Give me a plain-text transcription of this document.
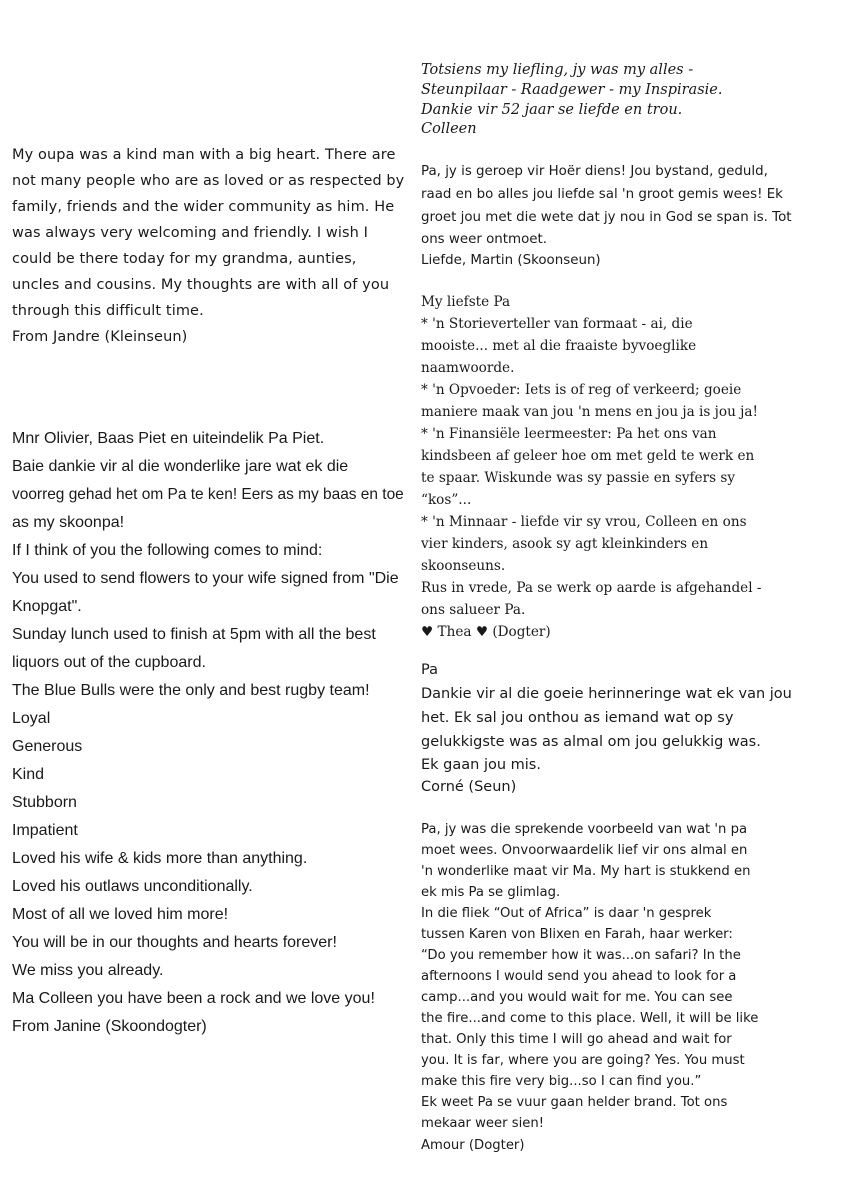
My oupa was a kind man with a big heart. There are
not many people who are as loved or as respected by
family, friends and the wider community as him. He
was always very welcoming and friendly. I wish I
could be there today for my grandma, aunties,
uncles and cousins. My thoughts are with all of you
through this difficult time.
From Jandre (Kleinseun)
Mnr Olivier, Baas Piet en uiteindelik Pa Piet.
Baie dankie vir al die wonderlike jare wat ek die
voorreg gehad het om Pa te ken! Eers as my baas en toe
as my skoonpa!
If I think of you the following comes to mind:
You used to send flowers to your wife signed from "Die
Knopgat".
Sunday lunch used to finish at 5pm with all the best
liquors out of the cupboard.
The Blue Bulls were the only and best rugby team!
Loyal
Generous
Kind
Stubborn
Impatient
Loved his wife & kids more than anything.
Loved his outlaws unconditionally.
Most of all we loved him more!
You will be in our thoughts and hearts forever!
We miss you already.
Ma Colleen you have been a rock and we love you!
From Janine (Skoondogter)
Totsiens my liefling, jy was my alles -
Steunpilaar - Raadgewer - my Inspirasie.
Dankie vir 52 jaar se liefde en trou.
Colleen
Pa, jy is geroep vir Hoër diens! Jou bystand, geduld,
raad en bo alles jou liefde sal 'n groot gemis wees! Ek
groet jou met die wete dat jy nou in God se span is. Tot
ons weer ontmoet.
Liefde, Martin (Skoonseun)
My liefste Pa
* 'n Storieverteller van formaat - ai, die
mooiste... met al die fraaiste byvoeglike
naamwoorde.
* 'n Opvoeder: Iets is of reg of verkeerd; goeie
maniere maak van jou 'n mens en jou ja is jou ja!
* 'n Finansiële leermeester: Pa het ons van
kindsbeen af geleer hoe om met geld te werk en
te spaar. Wiskunde was sy passie en syfers sy
“kos”...
* 'n Minnaar - liefde vir sy vrou, Colleen en ons
vier kinders, asook sy agt kleinkinders en
skoonseuns.
Rus in vrede, Pa se werk op aarde is afgehandel -
ons salueer Pa.
♥ Thea ♥ (Dogter)
Pa
Dankie vir al die goeie herinneringe wat ek van jou
het. Ek sal jou onthou as iemand wat op sy
gelukkigste was as almal om jou gelukkig was.
Ek gaan jou mis.
Corné (Seun)
Pa, jy was die sprekende voorbeeld van wat 'n pa
moet wees. Onvoorwaardelik lief vir ons almal en
'n wonderlike maat vir Ma. My hart is stukkend en
ek mis Pa se glimlag.
In die fliek “Out of Africa” is daar 'n gesprek
tussen Karen von Blixen en Farah, haar werker:
“Do you remember how it was...on safari? In the
afternoons I would send you ahead to look for a
camp...and you would wait for me. You can see
the fire...and come to this place. Well, it will be like
that. Only this time I will go ahead and wait for
you. It is far, where you are going? Yes. You must
make this fire very big...so I can find you.”
Ek weet Pa se vuur gaan helder brand. Tot ons
mekaar weer sien!
Amour (Dogter)
